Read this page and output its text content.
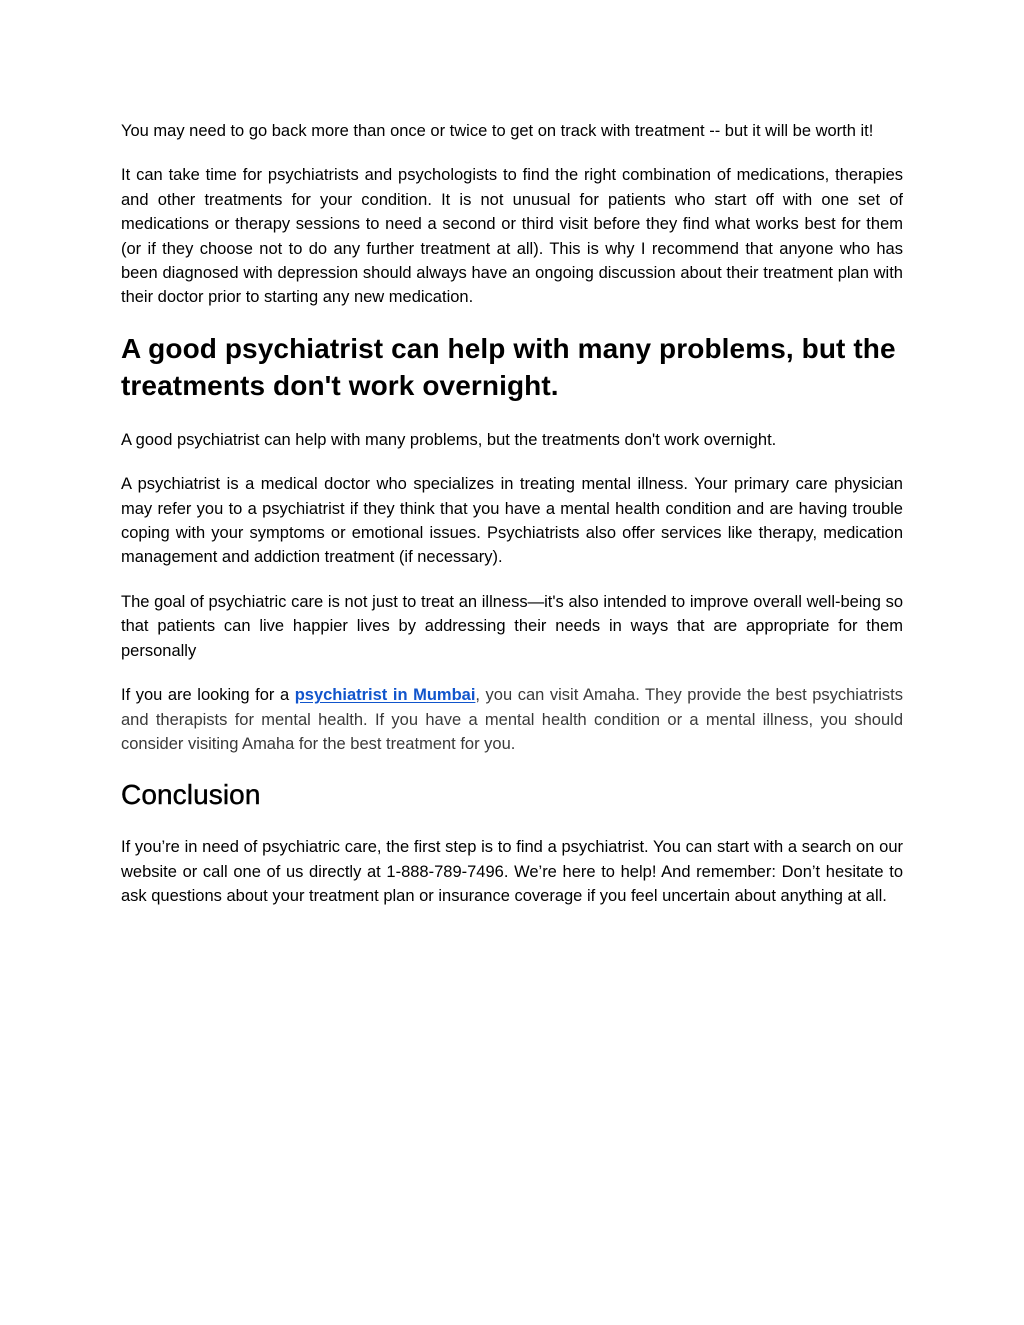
You may need to go back more than once or twice to get on track with treatment -- but it will be worth it!

It can take time for psychiatrists and psychologists to find the right combination of medications, therapies and other treatments for your condition. It is not unusual for patients who start off with one set of medications or therapy sessions to need a second or third visit before they find what works best for them (or if they choose not to do any further treatment at all). This is why I recommend that anyone who has been diagnosed with depression should always have an ongoing discussion about their treatment plan with their doctor prior to starting any new medication.

A good psychiatrist can help with many problems, but the treatments don't work overnight.

A good psychiatrist can help with many problems, but the treatments don't work overnight.

A psychiatrist is a medical doctor who specializes in treating mental illness. Your primary care physician may refer you to a psychiatrist if they think that you have a mental health condition and are having trouble coping with your symptoms or emotional issues. Psychiatrists also offer services like therapy, medication management and addiction treatment (if necessary).

The goal of psychiatric care is not just to treat an illness—it's also intended to improve overall well-being so that patients can live happier lives by addressing their needs in ways that are appropriate for them personally

If you are looking for a psychiatrist in Mumbai, you can visit Amaha. They provide the best psychiatrists and therapists for mental health. If you have a mental health condition or a mental illness, you should consider visiting Amaha for the best treatment for you.

Conclusion

If you’re in need of psychiatric care, the first step is to find a psychiatrist. You can start with a search on our website or call one of us directly at 1-888-789-7496. We’re here to help! And remember: Don’t hesitate to ask questions about your treatment plan or insurance coverage if you feel uncertain about anything at all.
